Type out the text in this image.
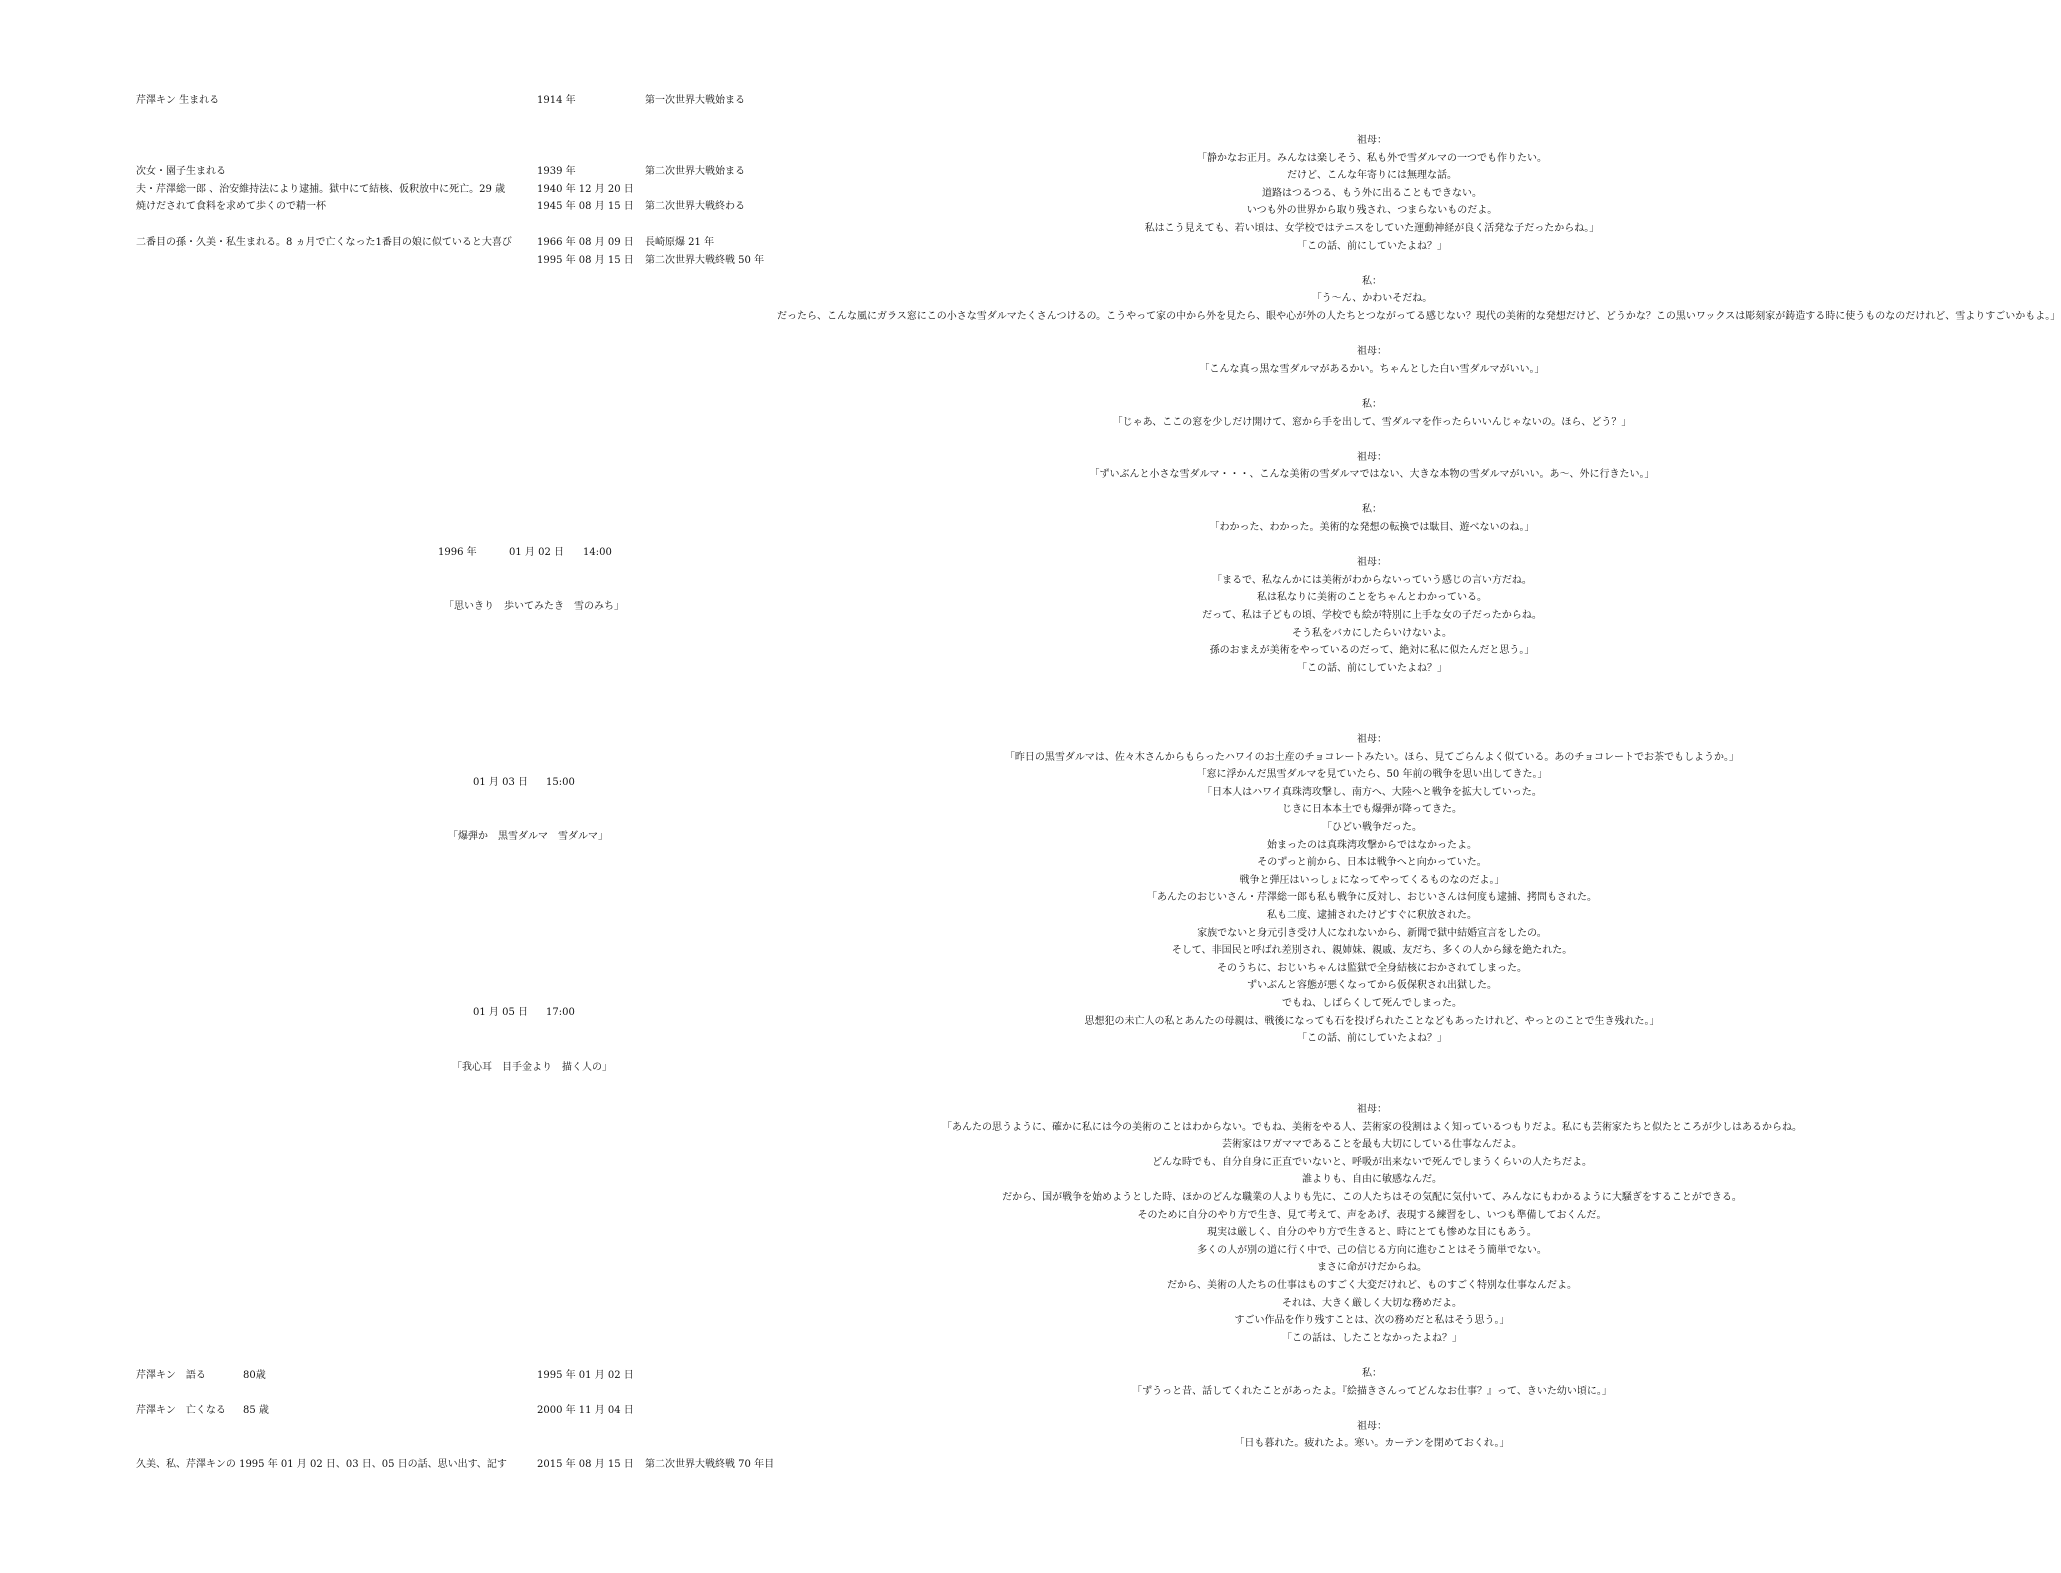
芹澤キン 生まれる	1914 年	第一次世界大戦始まる
次女・園子生まれる	1939 年	第二次世界大戦始まる
夫・芹澤総一郎 、治安維持法により逮捕。獄中にて結核、仮釈放中に死亡。29 歳	1940 年 12 月 20 日
焼けだされて食料を求めて歩くので精一杯	1945 年 08 月 15 日 第二次世界大戦終わる
二番目の孫・久美・私生まれる。8 ヵ月で亡くなった1番目の娘に似ていると大喜び	1966 年 08 月 09 日 長崎原爆 21 年
1995 年 08 月 15 日 第二次世界大戦終戦 50 年
1996 年	01 月 02 日 14:00
「思いきり　歩いてみたき　雪のみち」
01 月 03 日 15:00
「爆弾か　黒雪ダルマ　雪ダルマ」
01 月 05 日 17:00
「我心耳　目手金より　描く人の」
芹澤キン　語る	80歳	1995 年 01 月 02 日
芹澤キン　亡くなる 85 歳	2000 年 11 月 04 日
久美、私、芹澤キンの 1995 年 01 月 02 日、03 日、05 日の話、思い出す、記す	2015 年 08 月 15 日 第二次世界大戦終戦 70 年目
祖母：
「静かなお正月。みんなは楽しそう、私も外で雪ダルマの一つでも作りたい。
だけど、こんな年寄りには無理な話。
道路はつるつる、もう外に出ることもできない。
いつも外の世界から取り残され、つまらないものだよ。
私はこう見えても、若い頃は、女学校ではテニスをしていた運動神経が良く活発な子だったからね。」
「この話、前にしていたよね？」
私：
「う～ん、かわいそだね。
だったら、こんな風にガラス窓にこの小さな雪ダルマたくさんつけるの。こうやって家の中から外を見たら、眼や心が外の人たちとつながってる感じない？現代の美術的な発想だけど、どうかな？この黒いワックスは彫刻家が鋳造する時に使うものなのだけれど、雪よりすごいかもよ。」
祖母：
「こんな真っ黒な雪ダルマがあるかい。ちゃんとした白い雪ダルマがいい。」
私：
「じゃあ、ここの窓を少しだけ開けて、窓から手を出して、雪ダルマを作ったらいいんじゃないの。ほら、どう？」
祖母：
「ずいぶんと小さな雪ダルマ・・・、こんな美術の雪ダルマではない、大きな本物の雪ダルマがいい。あ～、外に行きたい。」
私：
「わかった、わかった。美術的な発想の転換では駄目、遊べないのね。」
祖母：
「まるで、私なんかには美術がわからないっていう感じの言い方だね。
私は私なりに美術のことをちゃんとわかっている。
だって、私は子どもの頃、学校でも絵が特別に上手な女の子だったからね。
そう私をバカにしたらいけないよ。
孫のおまえが美術をやっているのだって、絶対に私に似たんだと思う。」
「この話、前にしていたよね？」
祖母：
「昨日の黒雪ダルマは、佐々木さんからもらったハワイのお土産のチョコレートみたい。ほら、見てごらんよく似ている。あのチョコレートでお茶でもしようか。」
「窓に浮かんだ黒雪ダルマを見ていたら、50 年前の戦争を思い出してきた。」
「日本人はハワイ真珠湾攻撃し、南方へ、大陸へと戦争を拡大していった。
じきに日本本土でも爆弾が降ってきた。
「ひどい戦争だった。
始まったのは真珠湾攻撃からではなかったよ。
そのずっと前から、日本は戦争へと向かっていた。
戦争と弾圧はいっしょになってやってくるものなのだよ。」
「あんたのおじいさん・芹澤総一郎も私も戦争に反対し、おじいさんは何度も逮捕、拷問もされた。
私も二度、逮捕されたけどすぐに釈放された。
家族でないと身元引き受け人になれないから、新聞で獄中結婚宣言をしたの。
そして、非国民と呼ばれ差別され、親姉妹、親戚、友だち、多くの人から縁を絶たれた。
そのうちに、おじいちゃんは監獄で全身結核におかされてしまった。
ずいぶんと容態が悪くなってから仮保釈され出獄した。
でもね、しばらくして死んでしまった。
思想犯の未亡人の私とあんたの母親は、戦後になっても石を投げられたことなどもあったけれど、やっとのことで生き残れた。」
「この話、前にしていたよね？」
祖母：
「あんたの思うように、確かに私には今の美術のことはわからない。でもね、美術をやる人、芸術家の役割はよく知っているつもりだよ。私にも芸術家たちと似たところが少しはあるからね。
芸術家はワガママであることを最も大切にしている仕事なんだよ。
どんな時でも、自分自身に正直でいないと、呼吸が出来ないで死んでしまうくらいの人たちだよ。
誰よりも、自由に敏感なんだ。
だから、国が戦争を始めようとした時、ほかのどんな職業の人よりも先に、この人たちはその気配に気付いて、みんなにもわかるように大騒ぎをすることができる。
そのために自分のやり方で生き、見て考えて、声をあげ、表現する練習をし、いつも準備しておくんだ。
現実は厳しく、自分のやり方で生きると、時にとても惨めな目にもあう。
多くの人が別の道に行く中で、己の信じる方向に進むことはそう簡単でない。
まさに命がけだからね。
だから、美術の人たちの仕事はものすごく大変だけれど、ものすごく特別な仕事なんだよ。
それは、大きく厳しく大切な務めだよ。
すごい作品を作り残すことは、次の務めだと私はそう思う。」
「この話は、したことなかったよね？」
私：
「ずうっと昔、話してくれたことがあったよ。『絵描きさんってどんなお仕事？』って、きいた幼い頃に。」
祖母：
「日も暮れた。疲れたよ。寒い。カーテンを閉めておくれ。」
